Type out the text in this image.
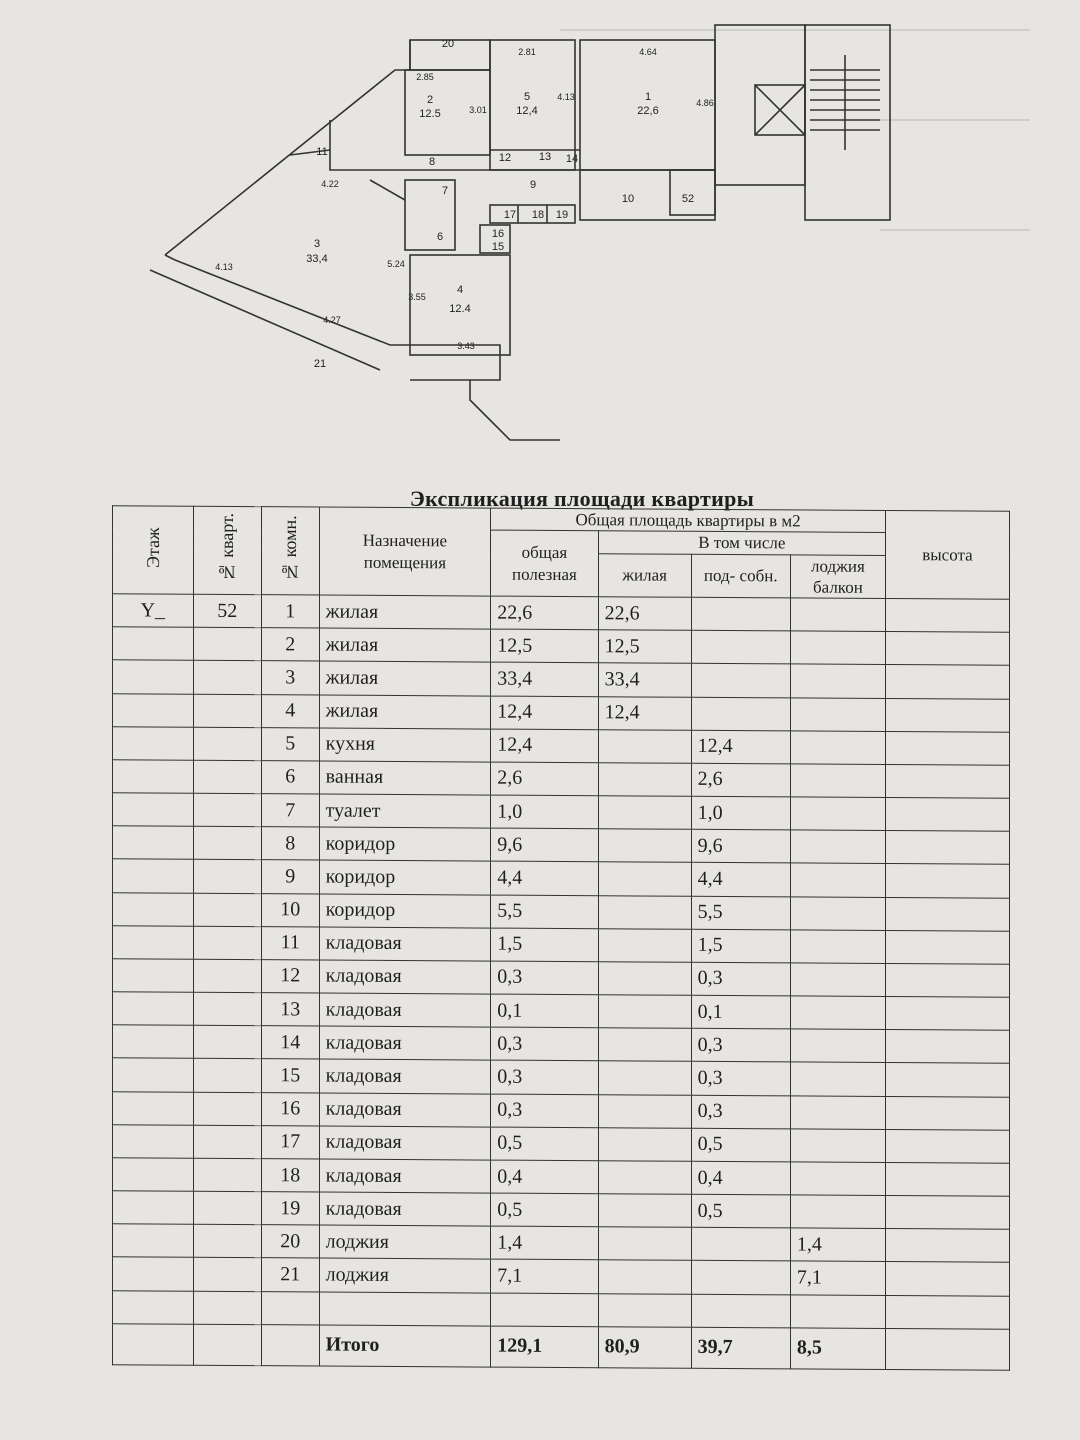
5
12,4
1
22,6
2
12.5
3
33,4
4
12.4
20
8
9
10	52
11	12	13 14
7
6	16
15
17 18 19
21
2.81	4.64
2.85
3.01
4.13
4.86
4.22
4.13	5.24
3.55
4.27
3.43
Экспликация площади квартиры
Этаж	№ кварт.	№ комн.	Назначение помещения	Общая площадь квартиры в м2				высота
				общая полезная	В том числе			
					жилая	под- собн.	лоджия балкон	
Y_	52	1	жилая	22,6	22,6			
		2	жилая	12,5	12,5			
		3	жилая	33,4	33,4			
		4	жилая	12,4	12,4			
		5	кухня	12,4		12,4		
		6	ванная	2,6		2,6		
		7	туалет	1,0		1,0		
		8	коридор	9,6		9,6		
		9	коридор	4,4		4,4		
		10	коридор	5,5		5,5		
		11	кладовая	1,5		1,5		
		12	кладовая	0,3		0,3		
		13	кладовая	0,1		0,1		
		14	кладовая	0,3		0,3		
		15	кладовая	0,3		0,3		
		16	кладовая	0,3		0,3		
		17	кладовая	0,5		0,5		
		18	кладовая	0,4		0,4		
		19	кладовая	0,5		0,5		
		20	лоджия	1,4			1,4	
		21	лоджия	7,1			7,1	

			Итого	129,1	80,9	39,7	8,5	
